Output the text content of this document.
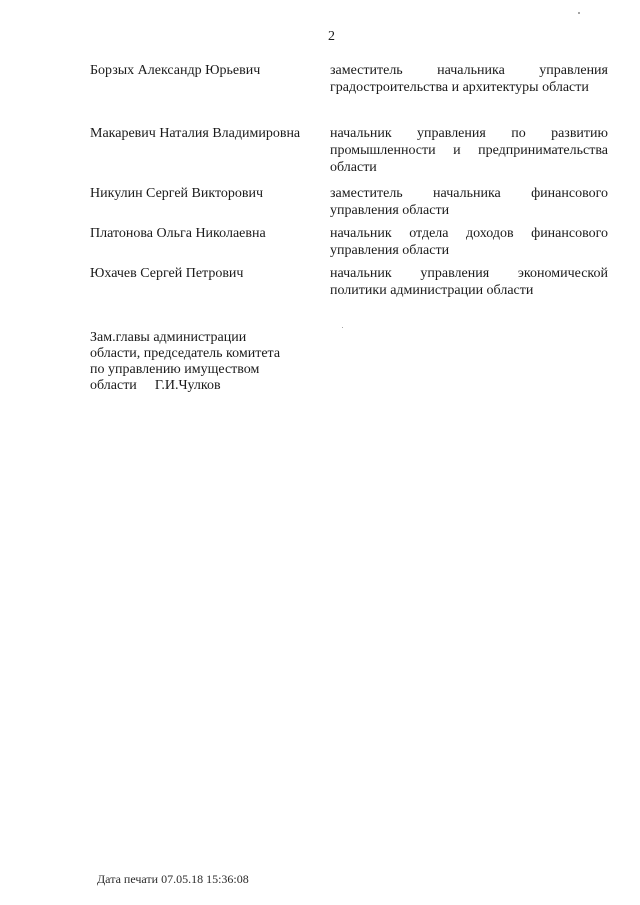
2
Борзых Александр Юрьевич	заместитель начальника управления градостроительства и архитектуры области
Макаревич Наталия Владимировна	начальник управления по развитию промышленности и предпринимательства области
Никулин Сергей Викторович	заместитель начальника финансового управления области
Платонова Ольга Николаевна	начальник отдела доходов финансового управления области
Юхачев Сергей Петрович	начальник управления экономической политики администрации области
Зам.главы администрации
области, председатель комитета
по управлению имуществом
области Г.И.Чулков
Дата печати 07.05.18 15:36:08
